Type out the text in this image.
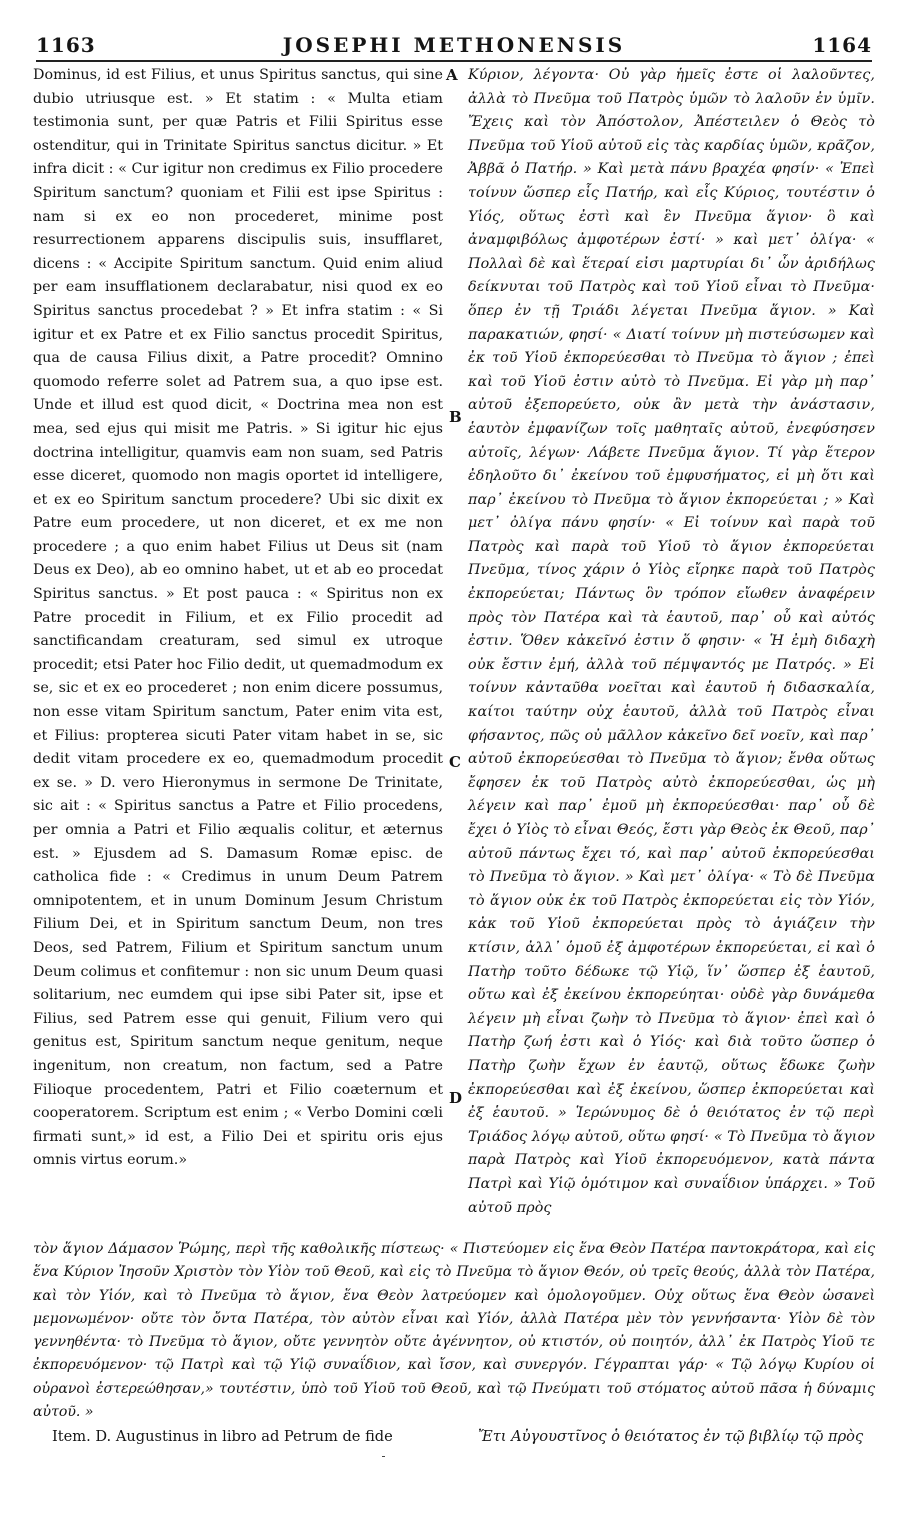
1163	JOSEPHI METHONENSIS	1164

Dominus, id est Filius, et unus Spiritus sanctus, qui sine dubio utriusque est. » Et statim : « Multa etiam testimonia sunt, per quæ Patris et Filii Spiritus esse ostenditur, qui in Trinitate Spiritus sanctus dicitur. » Et infra dicit : « Cur igitur non credimus ex Filio procedere Spiritum sanctum? quoniam et Filii est ipse Spiritus : nam si ex eo non procederet, minime post resurrectionem apparens discipulis suis, insufflaret, dicens : « Accipite Spiritum sanctum. Quid enim aliud per eam insufflationem declarabatur, nisi quod ex eo Spiritus sanctus procedebat ? » Et infra statim : « Si igitur et ex Patre et ex Filio sanctus procedit Spiritus, qua de causa Filius dixit, a Patre procedit? Omnino quomodo referre solet ad Patrem sua, a quo ipse est. Unde et illud est quod dicit, « Doctrina mea non est mea, sed ejus qui misit me Patris. » Si igitur hic ejus doctrina intelligitur, quamvis eam non suam, sed Patris esse diceret, quomodo non magis oportet id intelligere, et ex eo Spiritum sanctum procedere? Ubi sic dixit ex Patre eum procedere, ut non diceret, et ex me non procedere ; a quo enim habet Filius ut Deus sit (nam Deus ex Deo), ab eo omnino habet, ut et ab eo procedat Spiritus sanctus. » Et post pauca : « Spiritus non ex Patre procedit in Filium, et ex Filio procedit ad sanctificandam creaturam, sed simul ex utroque procedit; etsi Pater hoc Filio dedit, ut quemadmodum ex se, sic et ex eo procederet ; non enim dicere possumus, non esse vitam Spiritum sanctum, Pater enim vita est, et Filius: propterea sicuti Pater vitam habet in se, sic dedit vitam procedere ex eo, quemadmodum procedit ex se. » D. vero Hieronymus in sermone De Trinitate, sic ait : « Spiritus sanctus a Patre et Filio procedens, per omnia a Patri et Filio æqualis colitur, et æternus est. » Ejusdem ad S. Damasum Romæ episc. de catholica fide : « Credimus in unum Deum Patrem omnipotentem, et in unum Dominum Jesum Christum Filium Dei, et in Spiritum sanctum Deum, non tres Deos, sed Patrem, Filium et Spiritum sanctum unum Deum colimus et confitemur : non sic unum Deum quasi solitarium, nec eumdem qui ipse sibi Pater sit, ipse et Filius, sed Patrem esse qui genuit, Filium vero qui genitus est, Spiritum sanctum neque genitum, neque ingenitum, non creatum, non factum, sed a Patre Filioque procedentem, Patri et Filio coæternum et cooperatorem. Scriptum est enim ; « Verbo Domini cœli firmati sunt,» id est, a Filio Dei et spiritu oris ejus omnis virtus eorum.»

A
B
C
D

Κύριον, λέγοντα· Οὐ γὰρ ἡμεῖς ἐστε οἱ λαλοῦντες, ἀλλὰ τὸ Πνεῦμα τοῦ Πατρὸς ὑμῶν τὸ λαλοῦν ἐν ὑμῖν. Ἔχεις καὶ τὸν Ἀπόστολον, Ἀπέστειλεν ὁ Θεὸς τὸ Πνεῦμα τοῦ Υἱοῦ αὐτοῦ εἰς τὰς καρδίας ὑμῶν, κρᾶζον, Ἀββᾶ ὁ Πατήρ. » Καὶ μετὰ πάνυ βραχέα φησίν· « Ἐπεὶ τοίνυν ὥσπερ εἷς Πατήρ, καὶ εἷς Κύριος, τουτέστιν ὁ Υἱός, οὕτως ἐστὶ καὶ ἓν Πνεῦμα ἅγιον· ὃ καὶ ἀναμφιβόλως ἀμφοτέρων ἐστί· » καὶ μετ᾽ ὀλίγα· « Πολλαὶ δὲ καὶ ἕτεραί εἰσι μαρτυρίαι δι᾽ ὧν ἀριδήλως δείκνυται τοῦ Πατρὸς καὶ τοῦ Υἱοῦ εἶναι τὸ Πνεῦμα· ὅπερ ἐν τῇ Τριάδι λέγεται Πνεῦμα ἅγιον. » Καὶ παρακατιών, φησί· « Διατί τοίνυν μὴ πιστεύσωμεν καὶ ἐκ τοῦ Υἱοῦ ἐκπορεύεσθαι τὸ Πνεῦμα τὸ ἅγιον ; ἐπεὶ καὶ τοῦ Υἱοῦ ἐστιν αὐτὸ τὸ Πνεῦμα. Εἰ γὰρ μὴ παρ᾽ αὐτοῦ ἐξεπορεύετο, οὐκ ἂν μετὰ τὴν ἀνάστασιν, ἑαυτὸν ἐμφανίζων τοῖς μαθηταῖς αὐτοῦ, ἐνεφύσησεν αὐτοῖς, λέγων· Λάβετε Πνεῦμα ἅγιον. Τί γὰρ ἕτερον ἐδηλοῦτο δι᾽ ἐκείνου τοῦ ἐμφυσήματος, εἰ μὴ ὅτι καὶ παρ᾽ ἐκείνου τὸ Πνεῦμα τὸ ἅγιον ἐκπορεύεται ; » Καὶ μετ᾽ ὀλίγα πάνυ φησίν· « Εἰ τοίνυν καὶ παρὰ τοῦ Πατρὸς καὶ παρὰ τοῦ Υἱοῦ τὸ ἅγιον ἐκπορεύεται Πνεῦμα, τίνος χάριν ὁ Υἱὸς εἴρηκε παρὰ τοῦ Πατρὸς ἐκπορεύεται; Πάντως ὃν τρόπον εἴωθεν ἀναφέρειν πρὸς τὸν Πατέρα καὶ τὰ ἑαυτοῦ, παρ᾽ οὗ καὶ αὐτός ἐστιν. Ὅθεν κἀκεῖνό ἐστιν ὅ φησιν· « Ἡ ἐμὴ διδαχὴ οὐκ ἔστιν ἐμή, ἀλλὰ τοῦ πέμψαντός με Πατρός. » Εἰ τοίνυν κἀνταῦθα νοεῖται καὶ ἑαυτοῦ ἡ διδασκαλία, καίτοι ταύτην οὐχ ἑαυτοῦ, ἀλλὰ τοῦ Πατρὸς εἶναι φήσαντος, πῶς οὐ μᾶλλον κἀκεῖνο δεῖ νοεῖν, καὶ παρ᾽ αὐτοῦ ἐκπορεύεσθαι τὸ Πνεῦμα τὸ ἅγιον; ἔνθα οὕτως ἔφησεν ἐκ τοῦ Πατρὸς αὐτὸ ἐκπορεύεσθαι, ὡς μὴ λέγειν καὶ παρ᾽ ἐμοῦ μὴ ἐκπορεύεσθαι· παρ᾽ οὗ δὲ ἔχει ὁ Υἱὸς τὸ εἶναι Θεός, ἔστι γὰρ Θεὸς ἐκ Θεοῦ, παρ᾽ αὐτοῦ πάντως ἔχει τό, καὶ παρ᾽ αὐτοῦ ἐκπορεύεσθαι τὸ Πνεῦμα τὸ ἅγιον. » Καὶ μετ᾽ ὀλίγα· « Τὸ δὲ Πνεῦμα τὸ ἅγιον οὐκ ἐκ τοῦ Πατρὸς ἐκπορεύεται εἰς τὸν Υἱόν, κἀκ τοῦ Υἱοῦ ἐκπορεύεται πρὸς τὸ ἁγιάζειν τὴν κτίσιν, ἀλλ᾽ ὁμοῦ ἐξ ἀμφοτέρων ἐκπορεύεται, εἰ καὶ ὁ Πατὴρ τοῦτο δέδωκε τῷ Υἱῷ, ἵν᾽ ὥσπερ ἐξ ἑαυτοῦ, οὕτω καὶ ἐξ ἐκείνου ἐκπορεύηται· οὐδὲ γὰρ δυνάμεθα λέγειν μὴ εἶναι ζωὴν τὸ Πνεῦμα τὸ ἅγιον· ἐπεὶ καὶ ὁ Πατὴρ ζωή ἐστι καὶ ὁ Υἱός· καὶ διὰ τοῦτο ὥσπερ ὁ Πατὴρ ζωὴν ἔχων ἐν ἑαυτῷ, οὕτως ἔδωκε ζωὴν ἐκπορεύεσθαι καὶ ἐξ ἐκείνου, ὥσπερ ἐκπορεύεται καὶ ἐξ ἑαυτοῦ. » Ἱερώνυμος δὲ ὁ θειότατος ἐν τῷ περὶ Τριάδος λόγῳ αὐτοῦ, οὕτω φησί· « Τὸ Πνεῦμα τὸ ἅγιον παρὰ Πατρὸς καὶ Υἱοῦ ἐκπορευόμενον, κατὰ πάντα Πατρὶ καὶ Υἱῷ ὁμότιμον καὶ συναΐδιον ὑπάρχει. » Τοῦ αὐτοῦ πρὸς

τὸν ἅγιον Δάμασον Ῥώμης, περὶ τῆς καθολικῆς πίστεως· « Πιστεύομεν εἰς ἕνα Θεὸν Πατέρα παντοκράτορα, καὶ εἰς ἕνα Κύριον Ἰησοῦν Χριστὸν τὸν Υἱὸν τοῦ Θεοῦ, καὶ εἰς τὸ Πνεῦμα τὸ ἅγιον Θεόν, οὐ τρεῖς θεούς, ἀλλὰ τὸν Πατέρα, καὶ τὸν Υἱόν, καὶ τὸ Πνεῦμα τὸ ἅγιον, ἕνα Θεὸν λατρεύομεν καὶ ὁμολογοῦμεν. Οὐχ οὕτως ἕνα Θεὸν ὡσανεὶ μεμονωμένον· οὔτε τὸν ὄντα Πατέρα, τὸν αὐτὸν εἶναι καὶ Υἱόν, ἀλλὰ Πατέρα μὲν τὸν γεννήσαντα· Υἱὸν δὲ τὸν γεννηθέντα· τὸ Πνεῦμα τὸ ἅγιον, οὔτε γεννητὸν οὔτε ἀγέννητον, οὐ κτιστόν, οὐ ποιητόν, ἀλλ᾽ ἐκ Πατρὸς Υἱοῦ τε ἐκπορευόμενον· τῷ Πατρὶ καὶ τῷ Υἱῷ συναΐδιον, καὶ ἴσον, καὶ συνεργόν. Γέγραπται γάρ· « Τῷ λόγῳ Κυρίου οἱ οὐρανοὶ ἐστερεώθησαν,» τουτέστιν, ὑπὸ τοῦ Υἱοῦ τοῦ Θεοῦ, καὶ τῷ Πνεύματι τοῦ στόματος αὐτοῦ πᾶσα ἡ δύναμις αὐτοῦ. »

Item. D. Augustinus in libro ad Petrum de fide	Ἔτι Αὐγουστῖνος ὁ θειότατος ἐν τῷ βιβλίῳ τῷ πρὸς
